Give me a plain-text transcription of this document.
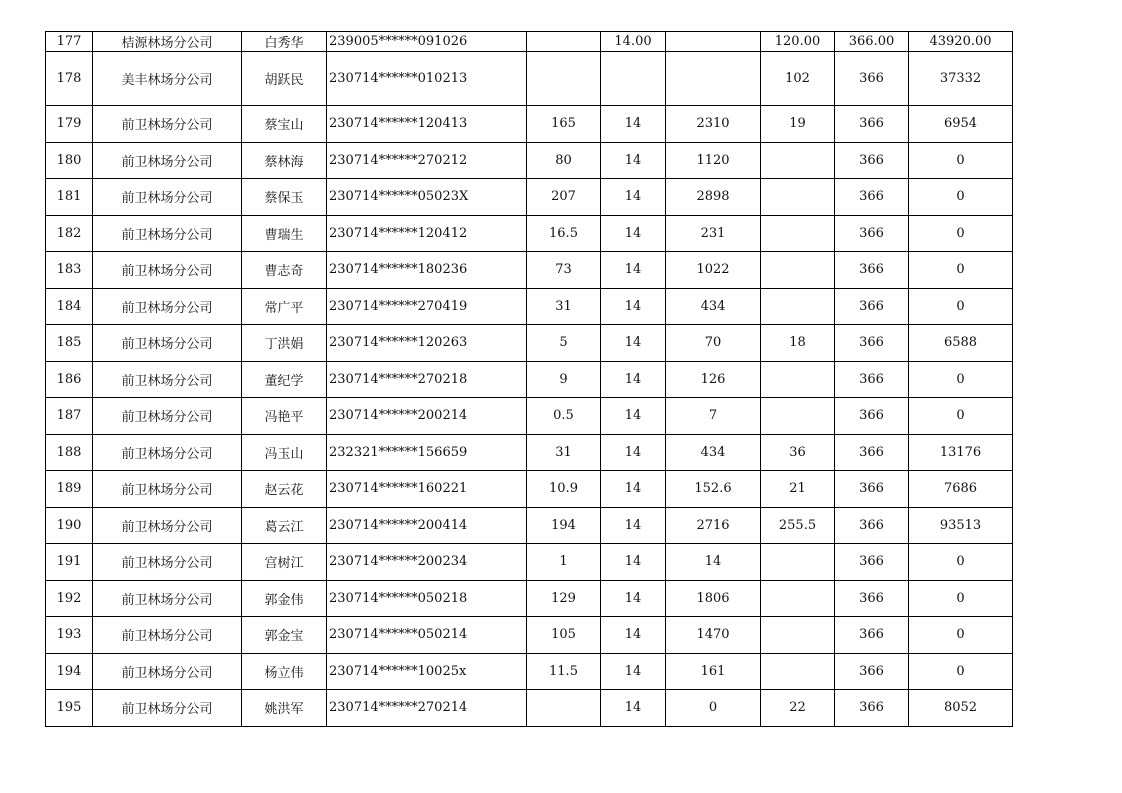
177	桔源林场分公司	白秀华	239005******091026		14.00		120.00	366.00	43920.00
178	美丰林场分公司	胡跃民	230714******010213				102	366	37332
179	前卫林场分公司	蔡宝山	230714******120413	165	14	2310	19	366	6954
180	前卫林场分公司	蔡林海	230714******270212	80	14	1120		366	0
181	前卫林场分公司	蔡保玉	230714******05023X	207	14	2898		366	0
182	前卫林场分公司	曹瑞生	230714******120412	16.5	14	231		366	0
183	前卫林场分公司	曹志奇	230714******180236	73	14	1022		366	0
184	前卫林场分公司	常广平	230714******270419	31	14	434		366	0
185	前卫林场分公司	丁洪娟	230714******120263	5	14	70	18	366	6588
186	前卫林场分公司	董纪学	230714******270218	9	14	126		366	0
187	前卫林场分公司	冯艳平	230714******200214	0.5	14	7		366	0
188	前卫林场分公司	冯玉山	232321******156659	31	14	434	36	366	13176
189	前卫林场分公司	赵云花	230714******160221	10.9	14	152.6	21	366	7686
190	前卫林场分公司	葛云江	230714******200414	194	14	2716	255.5	366	93513
191	前卫林场分公司	宫树江	230714******200234	1	14	14		366	0
192	前卫林场分公司	郭金伟	230714******050218	129	14	1806		366	0
193	前卫林场分公司	郭金宝	230714******050214	105	14	1470		366	0
194	前卫林场分公司	杨立伟	230714******10025x	11.5	14	161		366	0
195	前卫林场分公司	姚洪军	230714******270214		14	0	22	366	8052
